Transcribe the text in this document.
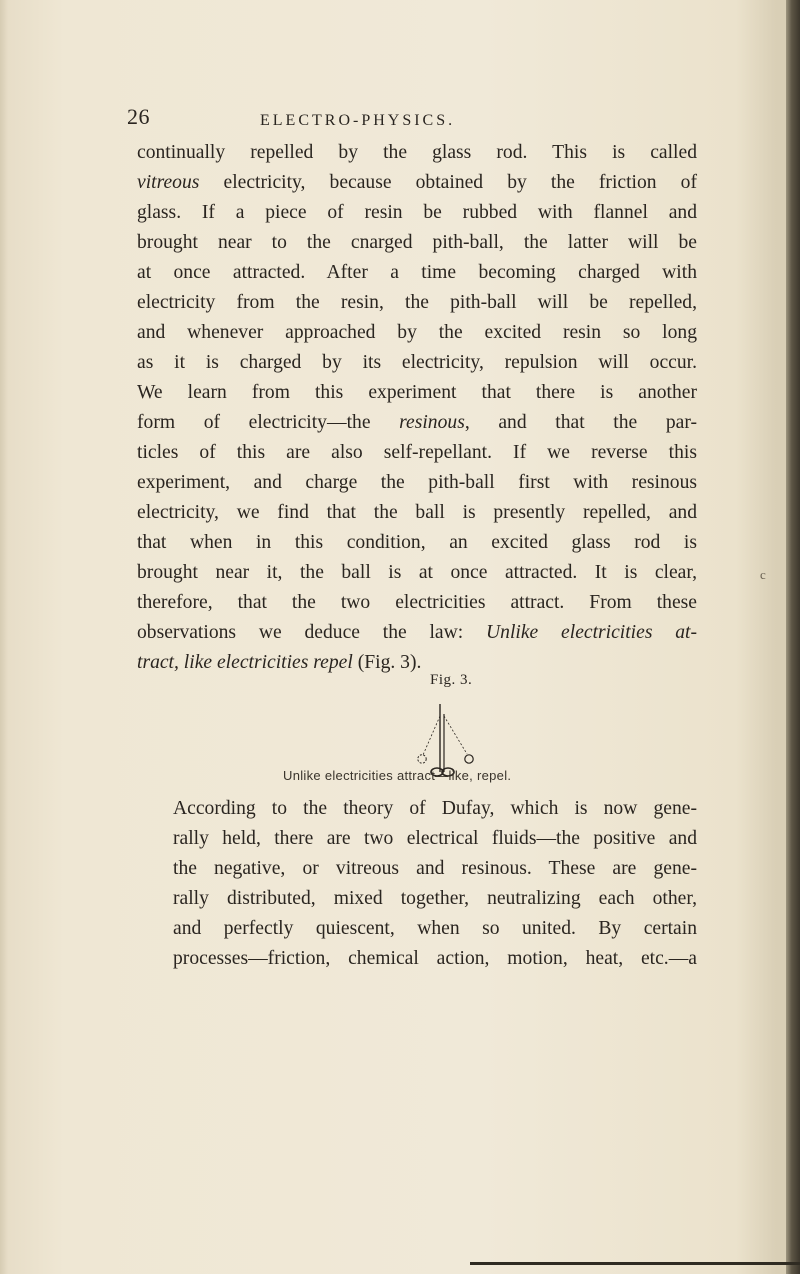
26	ELECTRO-PHYSICS.
continually repelled by the glass rod. This is called
vitreous electricity, because obtained by the friction of
glass. If a piece of resin be rubbed with flannel and
brought near to the cnarged pith-ball, the latter will be
at once attracted. After a time becoming charged with
electricity from the resin, the pith-ball will be repelled,
and whenever approached by the excited resin so long
as it is charged by its electricity, repulsion will occur.
We learn from this experiment that there is another
form of electricity—the resinous, and that the par-
ticles of this are also self-repellant. If we reverse this
experiment, and charge the pith-ball first with resinous
electricity, we find that the ball is presently repelled, and
that when in this condition, an excited glass rod is
brought near it, the ball is at once attracted. It is clear,
therefore, that the two electricities attract. From these
observations we deduce the law: Unlike electricities at-
tract, like electricities repel (Fig. 3).
c
Fig. 3.
Unlike electricities attract—like, repel.
According to the theory of Dufay, which is now gene-
rally held, there are two electrical fluids—the positive and
the negative, or vitreous and resinous. These are gene-
rally distributed, mixed together, neutralizing each other,
and perfectly quiescent, when so united. By certain
processes—friction, chemical action, motion, heat, etc.—a
